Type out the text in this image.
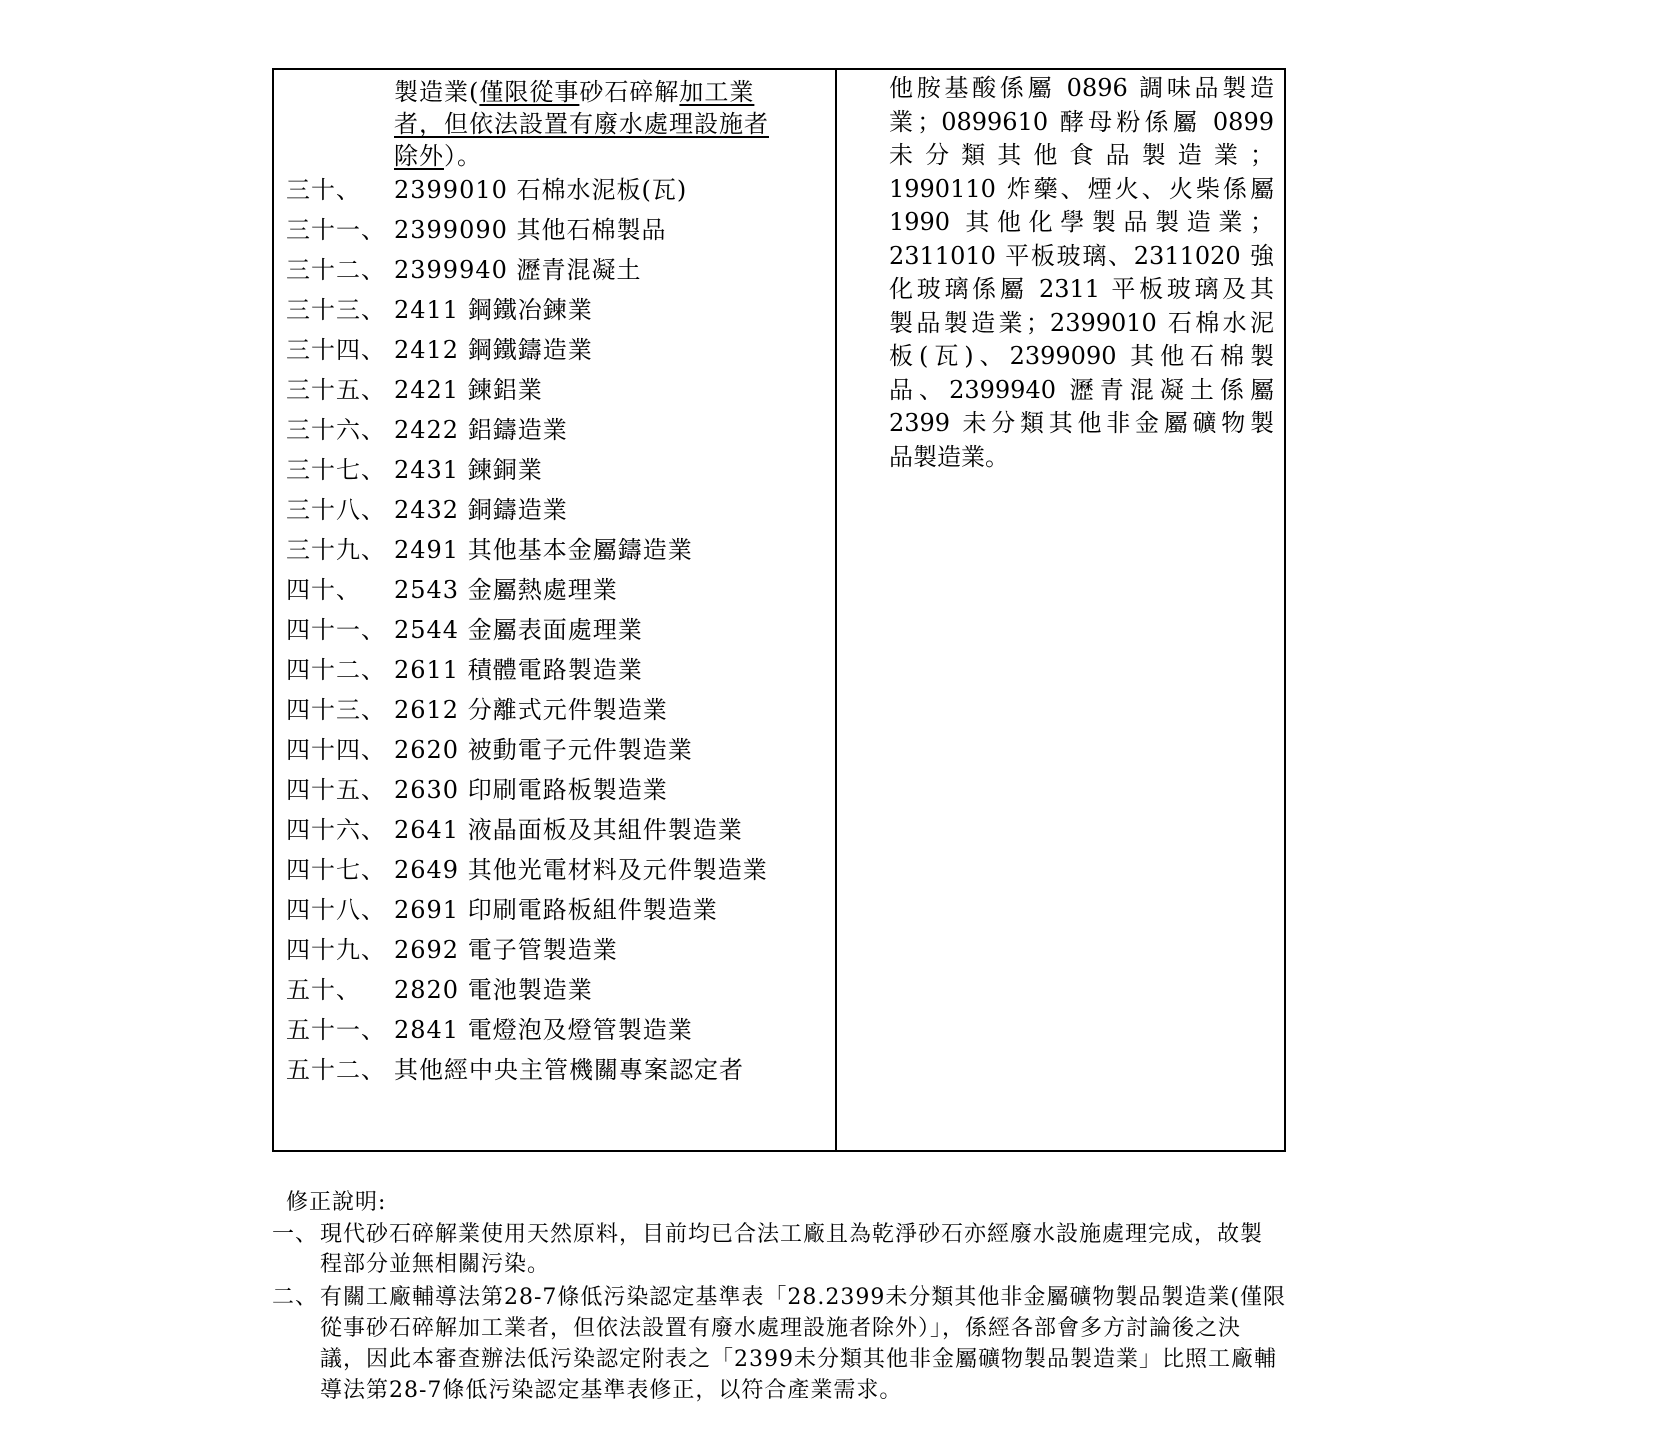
製造業(僅限從事砂石碎解加工業
者，但依法設置有廢水處理設施者
除外）。
三十、 2399010 石棉水泥板(瓦)
三十一、 2399090 其他石棉製品
三十二、 2399940 瀝青混凝土
三十三、 2411 鋼鐵冶鍊業
三十四、 2412 鋼鐵鑄造業
三十五、 2421 鍊鋁業
三十六、 2422 鋁鑄造業
三十七、 2431 鍊銅業
三十八、 2432 銅鑄造業
三十九、 2491 其他基本金屬鑄造業
四十、 2543 金屬熱處理業
四十一、 2544 金屬表面處理業
四十二、 2611 積體電路製造業
四十三、 2612 分離式元件製造業
四十四、 2620 被動電子元件製造業
四十五、 2630 印刷電路板製造業
四十六、 2641 液晶面板及其組件製造業
四十七、 2649 其他光電材料及元件製造業
四十八、 2691 印刷電路板組件製造業
四十九、 2692 電子管製造業
五十、 2820 電池製造業
五十一、 2841 電燈泡及燈管製造業
五十二、 其他經中央主管機關專案認定者
他胺基酸係屬 0896 調味品製造
業；0899610 酵母粉係屬 0899
未分類其他食品製造業；
1990110 炸藥、煙火、火柴係屬
1990 其他化學製品製造業；
2311010 平板玻璃、2311020 強
化玻璃係屬 2311 平板玻璃及其
製品製造業；2399010 石棉水泥
板(瓦)、2399090 其他石棉製
品、2399940 瀝青混凝土係屬
2399 未分類其他非金屬礦物製
品製造業。
修正說明:
一、 現代砂石碎解業使用天然原料，目前均已合法工廠且為乾淨砂石亦經廢水設施處理完成，故製
程部分並無相關污染。
二、 有關工廠輔導法第28-7條低污染認定基準表「28.2399未分類其他非金屬礦物製品製造業(僅限
從事砂石碎解加工業者，但依法設置有廢水處理設施者除外）」，係經各部會多方討論後之決
議，因此本審查辦法低污染認定附表之「2399未分類其他非金屬礦物製品製造業」比照工廠輔
導法第28-7條低污染認定基準表修正，以符合產業需求。
